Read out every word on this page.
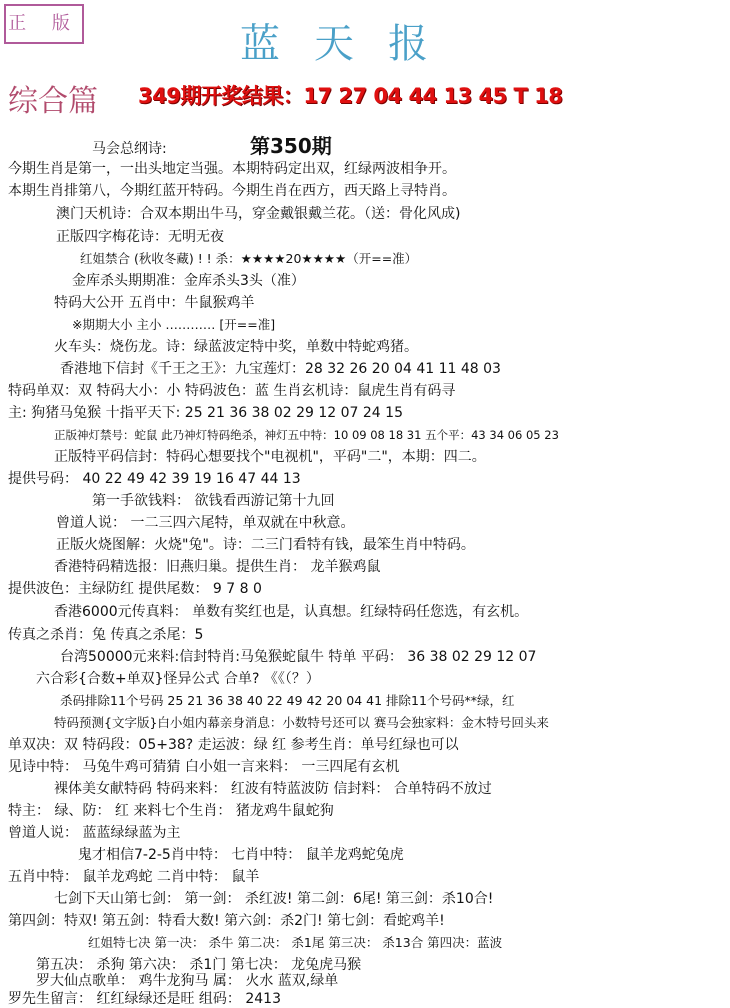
正 版	蓝天报
综合篇 349期开奖结果：17 27 04 44 13 45 T 18
第350期
马会总纲诗:
今期生肖是第一，一出头地定当强。本期特码定出双，红绿两波相争开。
本期生肖排第八，今期红蓝开特码。今期生肖在西方，西天路上寻特肖。
澳门天机诗：合双本期出牛马，穿金戴银戴兰花。（送：骨化风成)
正版四字梅花诗：无明无夜
红姐禁合 (秋收冬藏) ! ! 杀：★★★★20★★★★（开==准）
金库杀头期期准：金库杀头3头（准）
特码大公开 五肖中：牛鼠猴鸡羊
※期期大小 主小 ………… [开==准]
火车头：烧伤龙。诗：绿蓝波定特中奖，单数中特蛇鸡猪。
香港地下信封《千王之王》：九宝莲灯：28 32 26 20 04 41 11 48 03
特码单双：双 特码大小：小 特码波色：蓝 生肖玄机诗：鼠虎生肖有码寻
主: 狗猪马兔猴 十指平天下: 25 21 36 38 02 29 12 07 24 15
正版神灯禁号：蛇鼠 此乃神灯特码绝杀，神灯五中特：10 09 08 18 31 五个平：43 34 06 05 23
正版特平码信封：特码心想要找个"电视机"，平码"二"，本期：四二。
提供号码： 40 22 49 42 39 19 16 47 44 13
第一手欲钱料： 欲钱看西游记第十九回
曾道人说： 一二三四六尾特，单双就在中秋意。
正版火烧图解：火烧"兔"。诗：二三门看特有钱，最笨生肖中特码。
香港特码精选报：旧燕归巢。提供生肖： 龙羊猴鸡鼠
提供波色：主绿防红 提供尾数： 9 7 8 0
香港6000元传真料： 单数有奖红也是，认真想。红绿特码任您选，有玄机。
传真之杀肖：兔 传真之杀尾：5
台湾50000元来料:信封特肖:马兔猴蛇鼠牛 特单 平码： 36 38 02 29 12 07
六合彩{合数+单双}怪异公式 合单? 《《（？）
杀码排除11个号码 25 21 36 38 40 22 49 42 20 04 41 排除11个号码**绿，红
特码预测{文字版}白小姐内幕亲身消息：小数特号还可以 赛马会独家料：金木特号回头来
单双决：双 特码段：05+38? 走运波：绿 红 参考生肖：单号红绿也可以
见诗中特： 马兔牛鸡可猜猜 白小姐一言来料： 一三四尾有玄机
裸体美女献特码 特码来料： 红波有特蓝波防 信封料： 合单特码不放过
特主： 绿、防： 红 来料七个生肖： 猪龙鸡牛鼠蛇狗
曾道人说： 蓝蓝绿绿蓝为主
鬼才相信7-2-5肖中特： 七肖中特： 鼠羊龙鸡蛇兔虎
五肖中特： 鼠羊龙鸡蛇 二肖中特： 鼠羊
七剑下天山第七剑： 第一剑： 杀红波! 第二剑：6尾! 第三剑：杀10合!
第四剑：特双! 第五剑：特看大数! 第六剑：杀2门! 第七剑：看蛇鸡羊!
红姐特七决 第一决： 杀牛 第二决： 杀1尾 第三决： 杀13合 第四决：蓝波
第五决： 杀狗 第六决： 杀1门 第七决： 龙兔虎马猴
罗大仙点歌单： 鸡牛龙狗马 属： 火水 蓝双,绿单
罗先生留言： 红红绿绿还是旺 组码： 2413
